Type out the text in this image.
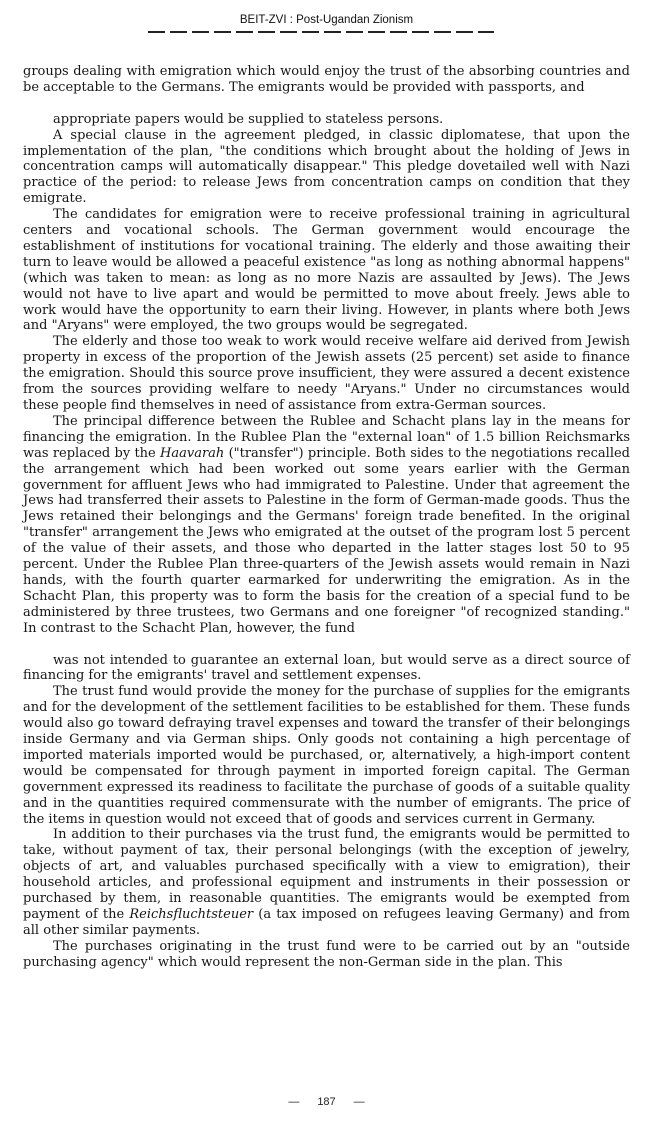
BEIT-ZVI : Post-Ugandan Zionism

groups dealing with emigration which would enjoy the trust of the absorbing countries and be acceptable to the Germans. The emigrants would be provided with passports, and

appropriate papers would be supplied to stateless persons.

A special clause in the agreement pledged, in classic diplomatese, that upon the implementation of the plan, "the conditions which brought about the holding of Jews in concentration camps will automatically disappear." This pledge dovetailed well with Nazi practice of the period: to release Jews from concentration camps on condition that they emigrate.

The candidates for emigration were to receive professional training in agricultural centers and vocational schools. The German government would encourage the establishment of institutions for vocational training. The elderly and those awaiting their turn to leave would be allowed a peaceful existence "as long as nothing abnormal happens" (which was taken to mean: as long as no more Nazis are assaulted by Jews). The Jews would not have to live apart and would be permitted to move about freely. Jews able to work would have the opportunity to earn their living. However, in plants where both Jews and "Aryans" were employed, the two groups would be segregated.

The elderly and those too weak to work would receive welfare aid derived from Jewish property in excess of the proportion of the Jewish assets (25 percent) set aside to finance the emigration. Should this source prove insufficient, they were assured a decent existence from the sources providing welfare to needy "Aryans." Under no circumstances would these people find themselves in need of assistance from extra-German sources.

The principal difference between the Rublee and Schacht plans lay in the means for financing the emigration. In the Rublee Plan the "external loan" of 1.5 billion Reichsmarks was replaced by the Haavarah ("transfer") principle. Both sides to the negotiations recalled the arrangement which had been worked out some years earlier with the German government for affluent Jews who had immigrated to Palestine. Under that agreement the Jews had transferred their assets to Palestine in the form of German-made goods. Thus the Jews retained their belongings and the Germans' foreign trade benefited. In the original "transfer" arrangement the Jews who emigrated at the outset of the program lost 5 percent of the value of their assets, and those who departed in the latter stages lost 50 to 95 percent. Under the Rublee Plan three-quarters of the Jewish assets would remain in Nazi hands, with the fourth quarter earmarked for underwriting the emigration. As in the Schacht Plan, this property was to form the basis for the creation of a special fund to be administered by three trustees, two Germans and one foreigner "of recognized standing." In contrast to the Schacht Plan, however, the fund

was not intended to guarantee an external loan, but would serve as a direct source of financing for the emigrants' travel and settlement expenses.

The trust fund would provide the money for the purchase of supplies for the emigrants and for the development of the settlement facilities to be established for them. These funds would also go toward defraying travel expenses and toward the transfer of their belongings inside Germany and via German ships. Only goods not containing a high percentage of imported materials imported would be purchased, or, alternatively, a high-import content would be compensated for through payment in imported foreign capital. The German government expressed its readiness to facilitate the purchase of goods of a suitable quality and in the quantities required commensurate with the number of emigrants. The price of the items in question would not exceed that of goods and services current in Germany.

In addition to their purchases via the trust fund, the emigrants would be permitted to take, without payment of tax, their personal belongings (with the exception of jewelry, objects of art, and valuables purchased specifically with a view to emigration), their household articles, and professional equipment and instruments in their possession or purchased by them, in reasonable quantities. The emigrants would be exempted from payment of the Reichsfluchtsteuer (a tax imposed on refugees leaving Germany) and from all other similar payments.

The purchases originating in the trust fund were to be carried out by an "outside purchasing agency" which would represent the non-German side in the plan. This

— 187 —
